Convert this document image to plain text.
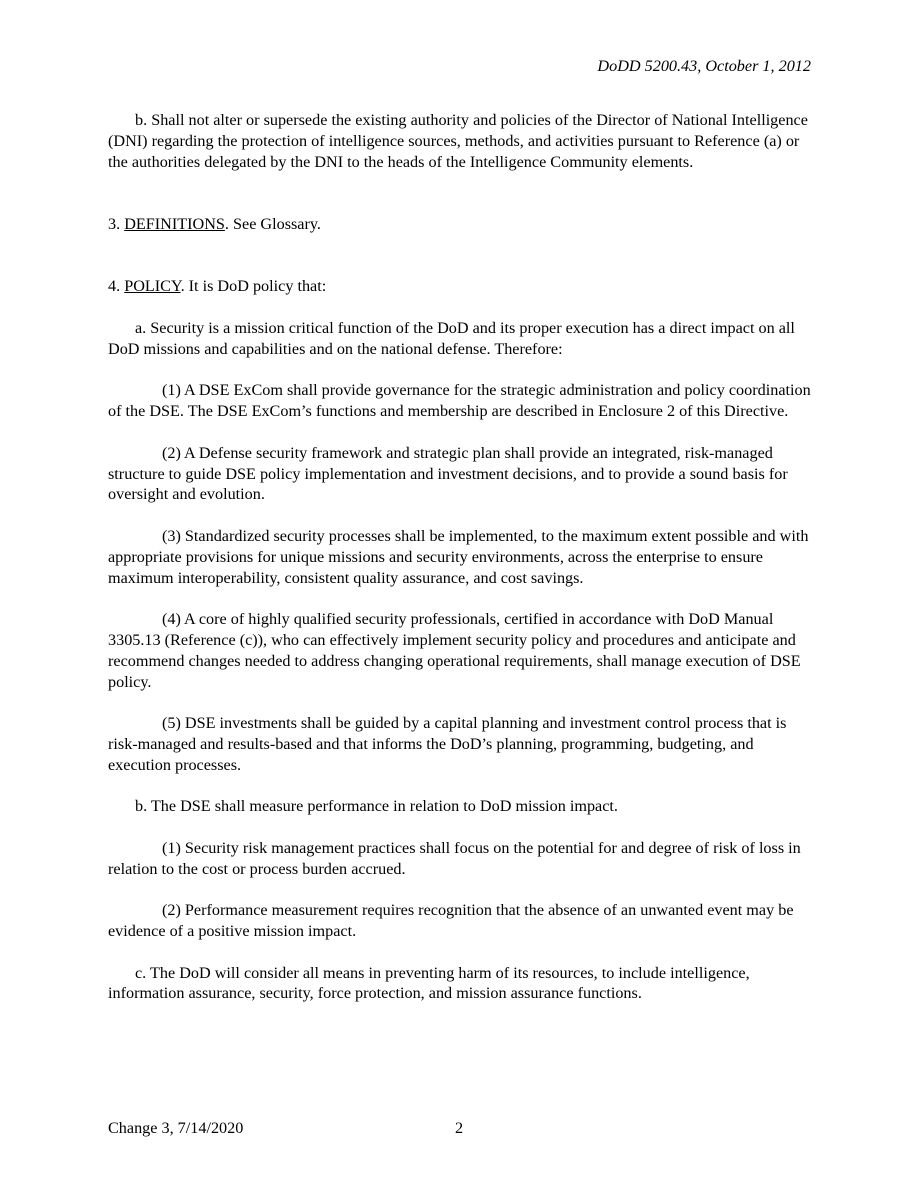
DoDD 5200.43, October 1, 2012

b. Shall not alter or supersede the existing authority and policies of the Director of National Intelligence (DNI) regarding the protection of intelligence sources, methods, and activities pursuant to Reference (a) or the authorities delegated by the DNI to the heads of the Intelligence Community elements.

3. DEFINITIONS. See Glossary.

4. POLICY. It is DoD policy that:

a. Security is a mission critical function of the DoD and its proper execution has a direct impact on all DoD missions and capabilities and on the national defense. Therefore:

(1) A DSE ExCom shall provide governance for the strategic administration and policy coordination of the DSE. The DSE ExCom’s functions and membership are described in Enclosure 2 of this Directive.

(2) A Defense security framework and strategic plan shall provide an integrated, risk-managed structure to guide DSE policy implementation and investment decisions, and to provide a sound basis for oversight and evolution.

(3) Standardized security processes shall be implemented, to the maximum extent possible and with appropriate provisions for unique missions and security environments, across the enterprise to ensure maximum interoperability, consistent quality assurance, and cost savings.

(4) A core of highly qualified security professionals, certified in accordance with DoD Manual 3305.13 (Reference (c)), who can effectively implement security policy and procedures and anticipate and recommend changes needed to address changing operational requirements, shall manage execution of DSE policy.

(5) DSE investments shall be guided by a capital planning and investment control process that is risk-managed and results-based and that informs the DoD’s planning, programming, budgeting, and execution processes.

b. The DSE shall measure performance in relation to DoD mission impact.

(1) Security risk management practices shall focus on the potential for and degree of risk of loss in relation to the cost or process burden accrued.

(2) Performance measurement requires recognition that the absence of an unwanted event may be evidence of a positive mission impact.

c. The DoD will consider all means in preventing harm of its resources, to include intelligence, information assurance, security, force protection, and mission assurance functions.

Change 3, 7/14/2020	2
